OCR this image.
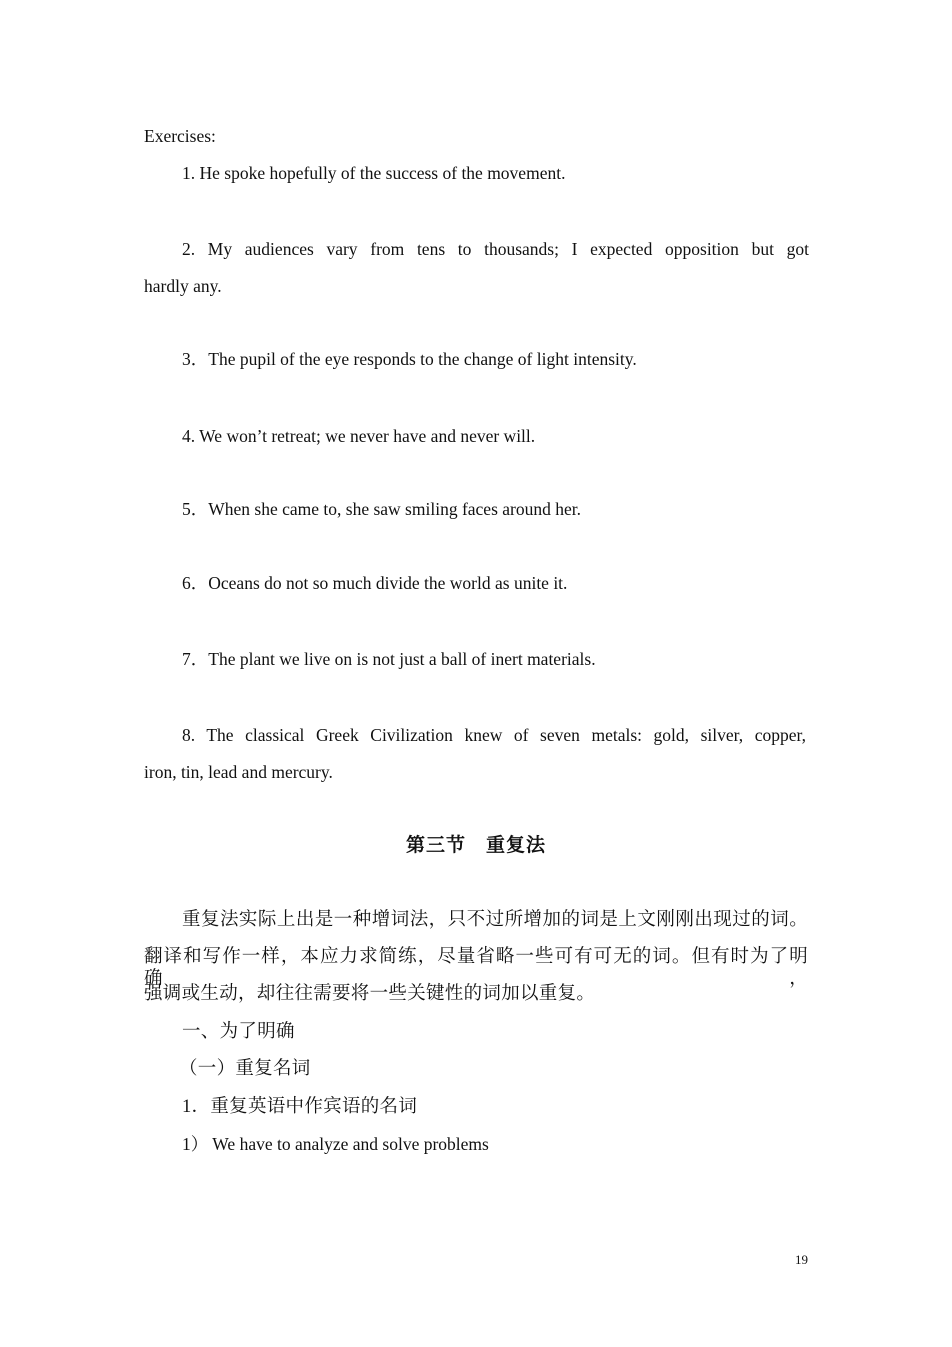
Exercises:
1. He spoke hopefully of the success of the movement.
2. My audiences vary from tens to thousands; I expected opposition but got
hardly any.
3．The pupil of the eye responds to the change of light intensity.
4. We won’t retreat; we never have and never will.
5．When she came to, she saw smiling faces around her.
6．Oceans do not so much divide the world as unite it.
7．The plant we live on is not just a ball of inert materials.
8. The classical Greek Civilization knew of seven metals: gold, silver, copper,
iron, tin, lead and mercury.
第三节　重复法
重复法实际上出是一种增词法，只不过所增加的词是上文刚刚出现过的词。
翻译和写作一样，本应力求简练，尽量省略一些可有可无的词。但有时为了明确，
强调或生动，却往往需要将一些关键性的词加以重复。
一、为了明确
（一）重复名词
1．重复英语中作宾语的名词
1） We have to analyze and solve problems
19
